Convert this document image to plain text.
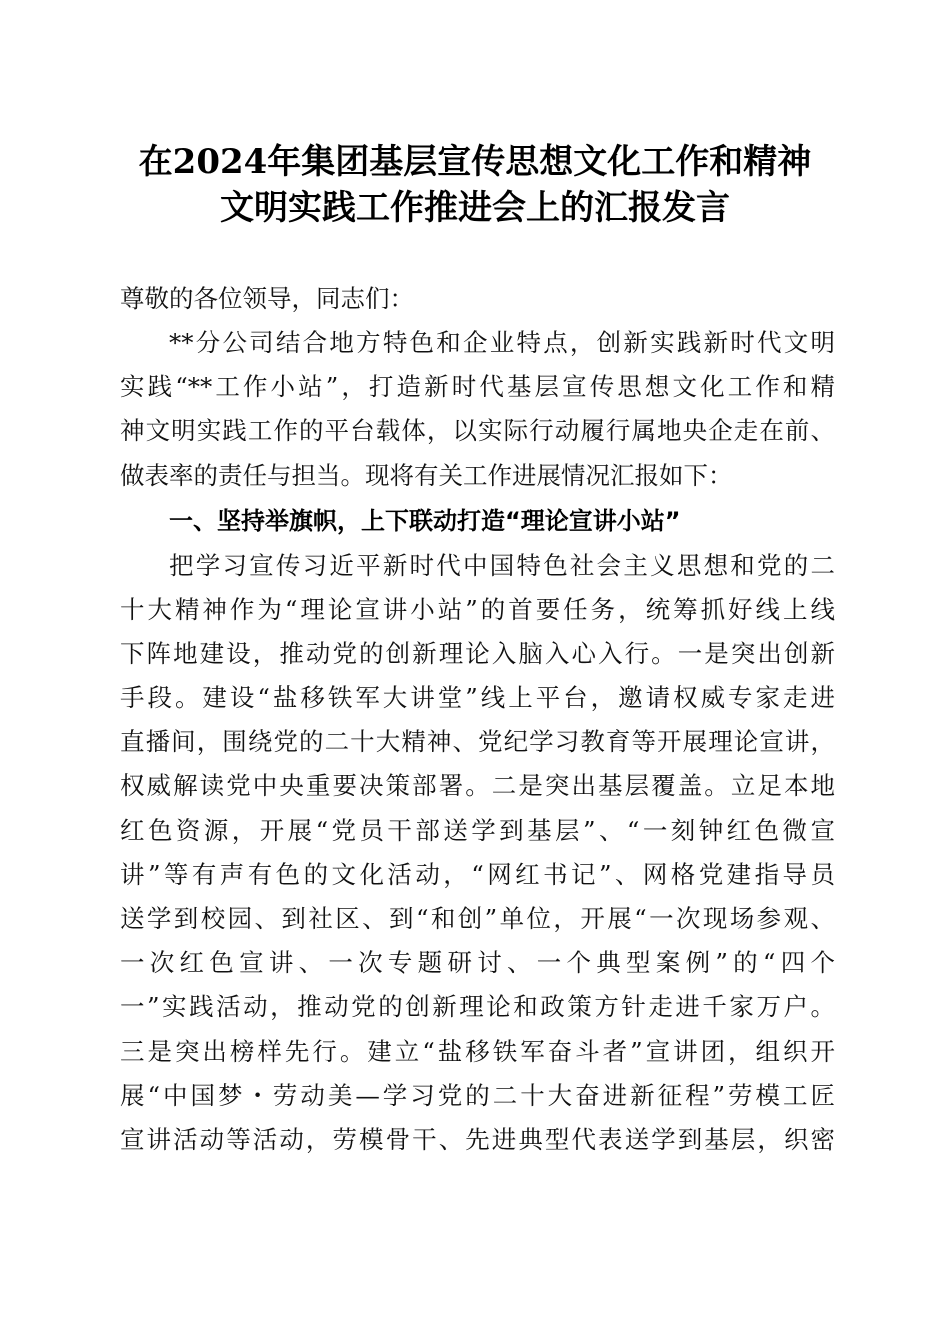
在2024年集团基层宣传思想文化工作和精神
文明实践工作推进会上的汇报发言
尊敬的各位领导，同志们：
**分公司结合地方特色和企业特点，创新实践新时代文明
实践“**工作小站”，打造新时代基层宣传思想文化工作和精
神文明实践工作的平台载体，以实际行动履行属地央企走在前、
做表率的责任与担当。现将有关工作进展情况汇报如下：
一、坚持举旗帜，上下联动打造“理论宣讲小站”
把学习宣传习近平新时代中国特色社会主义思想和党的二
十大精神作为“理论宣讲小站”的首要任务，统筹抓好线上线
下阵地建设，推动党的创新理论入脑入心入行。一是突出创新
手段。建设“盐移铁军大讲堂”线上平台，邀请权威专家走进
直播间，围绕党的二十大精神、党纪学习教育等开展理论宣讲，
权威解读党中央重要决策部署。二是突出基层覆盖。立足本地
红色资源，开展“党员干部送学到基层”、“一刻钟红色微宣
讲”等有声有色的文化活动，“网红书记”、网格党建指导员
送学到校园、到社区、到“和创”单位，开展“一次现场参观、
一次红色宣讲、一次专题研讨、一个典型案例”的“四个
一”实践活动，推动党的创新理论和政策方针走进千家万户。
三是突出榜样先行。建立“盐移铁军奋斗者”宣讲团，组织开
展“中国梦・劳动美—学习党的二十大奋进新征程”劳模工匠
宣讲活动等活动，劳模骨干、先进典型代表送学到基层，织密
